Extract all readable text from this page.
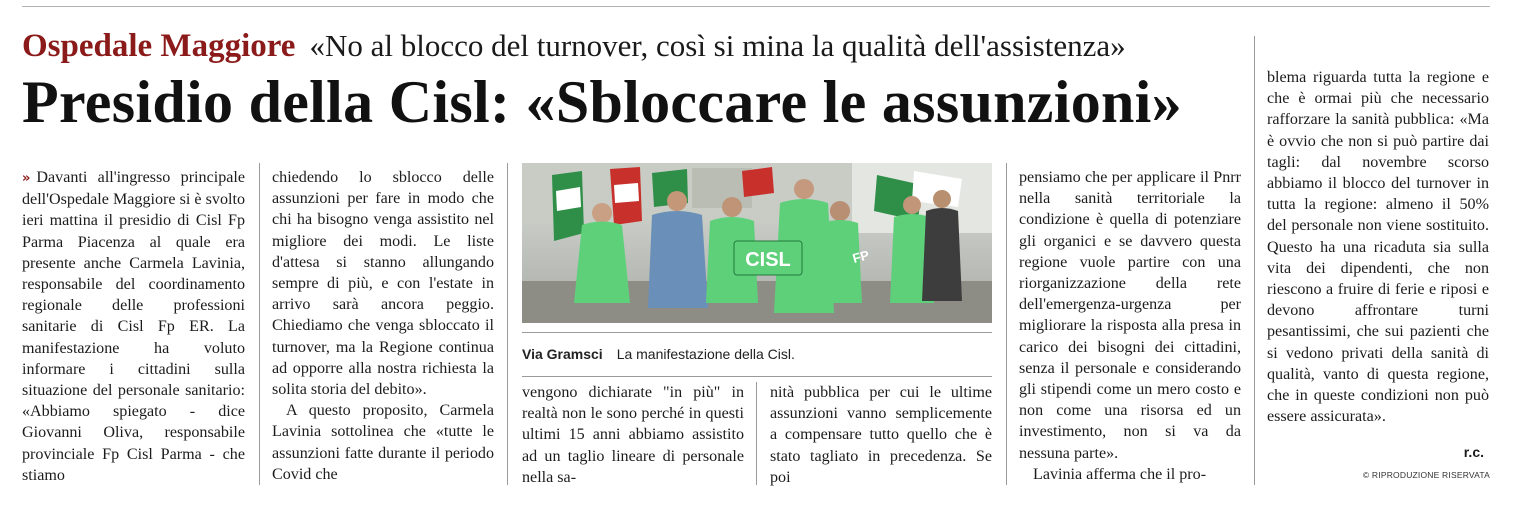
Ospedale Maggiore «No al blocco del turnover, così si mina la qualità dell'assistenza»
Presidio della Cisl: «Sbloccare le assunzioni»

» Davanti all'ingresso principale dell'Ospedale Maggiore si è svolto ieri mattina il presidio di Cisl Fp Parma Piacenza al quale era presente anche Carmela Lavinia, responsabile del coordinamento regionale delle professioni sanitarie di Cisl Fp ER. La manifestazione ha voluto informare i cittadini sulla situazione del personale sanitario: «Abbiamo spiegato - dice Giovanni Oliva, responsabile provinciale Fp Cisl Parma - che stiamo

chiedendo lo sblocco delle assunzioni per fare in modo che chi ha bisogno venga assistito nel migliore dei modi. Le liste d'attesa si stanno allungando sempre di più, e con l'estate in arrivo sarà ancora peggio. Chiediamo che venga sbloccato il turnover, ma la Regione continua ad opporre alla nostra richiesta la solita storia del debito».

A questo proposito, Carmela Lavinia sottolinea che «tutte le assunzioni fatte durante il periodo Covid che

CISL	FP
Via Gramsci La manifestazione della Cisl.

vengono dichiarate "in più" in realtà non le sono perché in questi ultimi 15 anni abbiamo assistito ad un taglio lineare di personale nella sa-

nità pubblica per cui le ultime assunzioni vanno semplicemente a compensare tutto quello che è stato tagliato in precedenza. Se poi

pensiamo che per applicare il Pnrr nella sanità territoriale la condizione è quella di potenziare gli organici e se davvero questa regione vuole partire con una riorganizzazione della rete dell'emergenza-urgenza per migliorare la risposta alla presa in carico dei bisogni dei cittadini, senza il personale e considerando gli stipendi come un mero costo e non come una risorsa ed un investimento, non si va da nessuna parte».

Lavinia afferma che il pro-

blema riguarda tutta la regione e che è ormai più che necessario rafforzare la sanità pubblica: «Ma è ovvio che non si può partire dai tagli: dal novembre scorso abbiamo il blocco del turnover in tutta la regione: almeno il 50% del personale non viene sostituito. Questo ha una ricaduta sia sulla vita dei dipendenti, che non riescono a fruire di ferie e riposi e devono affrontare turni pesantissimi, che sui pazienti che si vedono privati della sanità di qualità, vanto di questa regione, che in queste condizioni non può essere assicurata».

r.c.
© RIPRODUZIONE RISERVATA
